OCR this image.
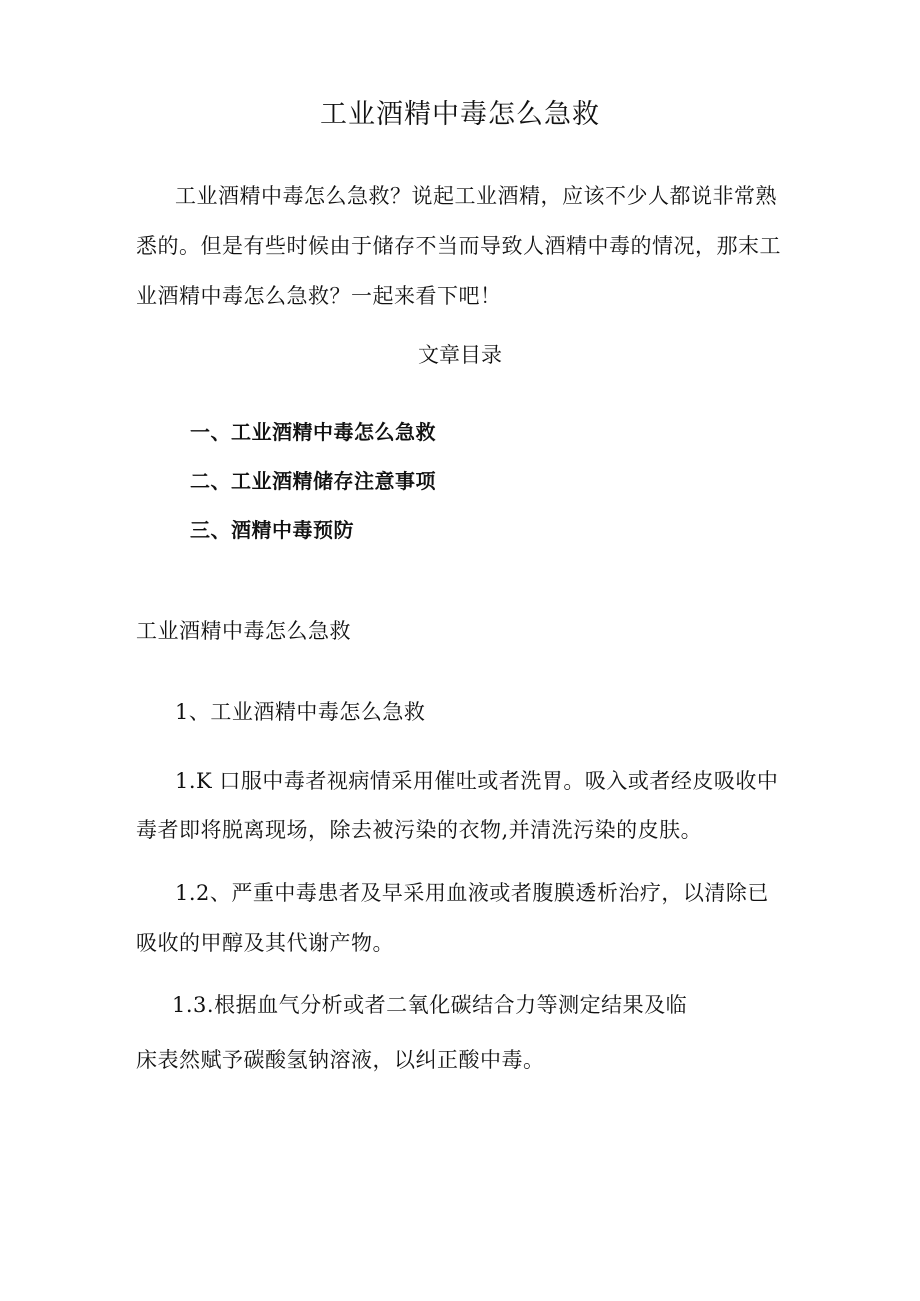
工业酒精中毒怎么急救
工业酒精中毒怎么急救？说起工业酒精，应该不少人都说非常熟
悉的。但是有些时候由于储存不当而导致人酒精中毒的情况，那末工
业酒精中毒怎么急救？一起来看下吧！
文章目录
一、工业酒精中毒怎么急救
二、工业酒精储存注意事项
三、酒精中毒预防
工业酒精中毒怎么急救
1、工业酒精中毒怎么急救
1.K 口服中毒者视病情采用催吐或者洗胃。吸入或者经皮吸收中
毒者即将脱离现场，除去被污染的衣物,并清洗污染的皮肤。
1.2、严重中毒患者及早采用血液或者腹膜透析治疗，以清除已
吸收的甲醇及其代谢产物。
1.3.根据血气分析或者二氧化碳结合力等测定结果及临
床表然赋予碳酸氢钠溶液，以纠正酸中毒。
